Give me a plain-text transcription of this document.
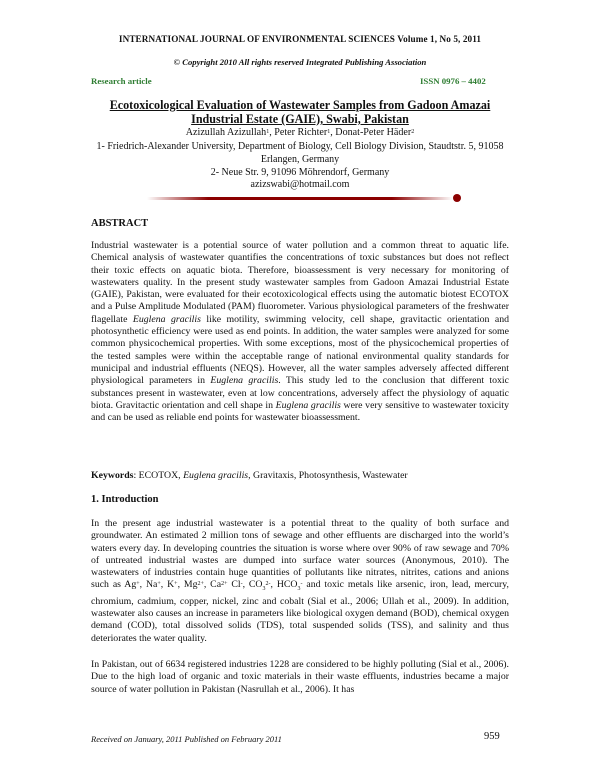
INTERNATIONAL JOURNAL OF ENVIRONMENTAL SCIENCES Volume 1, No 5, 2011
© Copyright 2010 All rights reserved Integrated Publishing Association
Research article	ISSN 0976 – 4402
Ecotoxicological Evaluation of Wastewater Samples from Gadoon Amazai Industrial Estate (GAIE), Swabi, Pakistan
Azizullah Azizullah$^1$, Peter Richter$^1$, Donat-Peter Häder$^2$
1- Friedrich-Alexander University, Department of Biology, Cell Biology Division, Staudtstr. 5, 91058 Erlangen, Germany
2- Neue Str. 9, 91096 Möhrendorf, Germany
azizswabi@hotmail.com
ABSTRACT
Industrial wastewater is a potential source of water pollution and a common threat to aquatic life. Chemical analysis of wastewater quantifies the concentrations of toxic substances but does not reflect their toxic effects on aquatic biota. Therefore, bioassessment is very necessary for monitoring of wastewaters quality. In the present study wastewater samples from Gadoon Amazai Industrial Estate (GAIE), Pakistan, were evaluated for their ecotoxicological effects using the automatic biotest ECOTOX and a Pulse Amplitude Modulated (PAM) fluorometer. Various physiological parameters of the freshwater flagellate Euglena gracilis like motility, swimming velocity, cell shape, gravitactic orientation and photosynthetic efficiency were used as end points. In addition, the water samples were analyzed for some common physicochemical properties. With some exceptions, most of the physicochemical properties of the tested samples were within the acceptable range of national environmental quality standards for municipal and industrial effluents (NEQS). However, all the water samples adversely affected different physiological parameters in Euglena gracilis. This study led to the conclusion that different toxic substances present in wastewater, even at low concentrations, adversely affect the physiology of aquatic biota. Gravitactic orientation and cell shape in Euglena gracilis were very sensitive to wastewater toxicity and can be used as reliable end points for wastewater bioassessment.
Keywords: ECOTOX, Euglena gracilis, Gravitaxis, Photosynthesis, Wastewater
1. Introduction
In the present age industrial wastewater is a potential threat to the quality of both surface and groundwater. An estimated 2 million tons of sewage and other effluents are discharged into the world’s waters every day. In developing countries the situation is worse where over 90% of raw sewage and 70% of untreated industrial wastes are dumped into surface water sources (Anonymous, 2010). The wastewaters of industries contain huge quantities of pollutants like nitrates, nitrites, cations and anions such as Ag+, Na+, K+, $Mg^{2+}$, $Ca^{2+}$ Cl-, $CO_3^{2-}$, $HCO_3^-$ and toxic metals like arsenic, iron, lead, mercury, chromium, cadmium, copper, nickel, zinc and cobalt (Sial et al., 2006; Ullah et al., 2009). In addition, wastewater also causes an increase in parameters like biological oxygen demand (BOD), chemical oxygen demand (COD), total dissolved solids (TDS), total suspended solids (TSS), and salinity and thus deteriorates the water quality.
In Pakistan, out of 6634 registered industries 1228 are considered to be highly polluting (Sial et al., 2006). Due to the high load of organic and toxic materials in their waste effluents, industries became a major source of water pollution in Pakistan (Nasrullah et al., 2006). It has
Received on January, 2011 Published on February 2011	959
